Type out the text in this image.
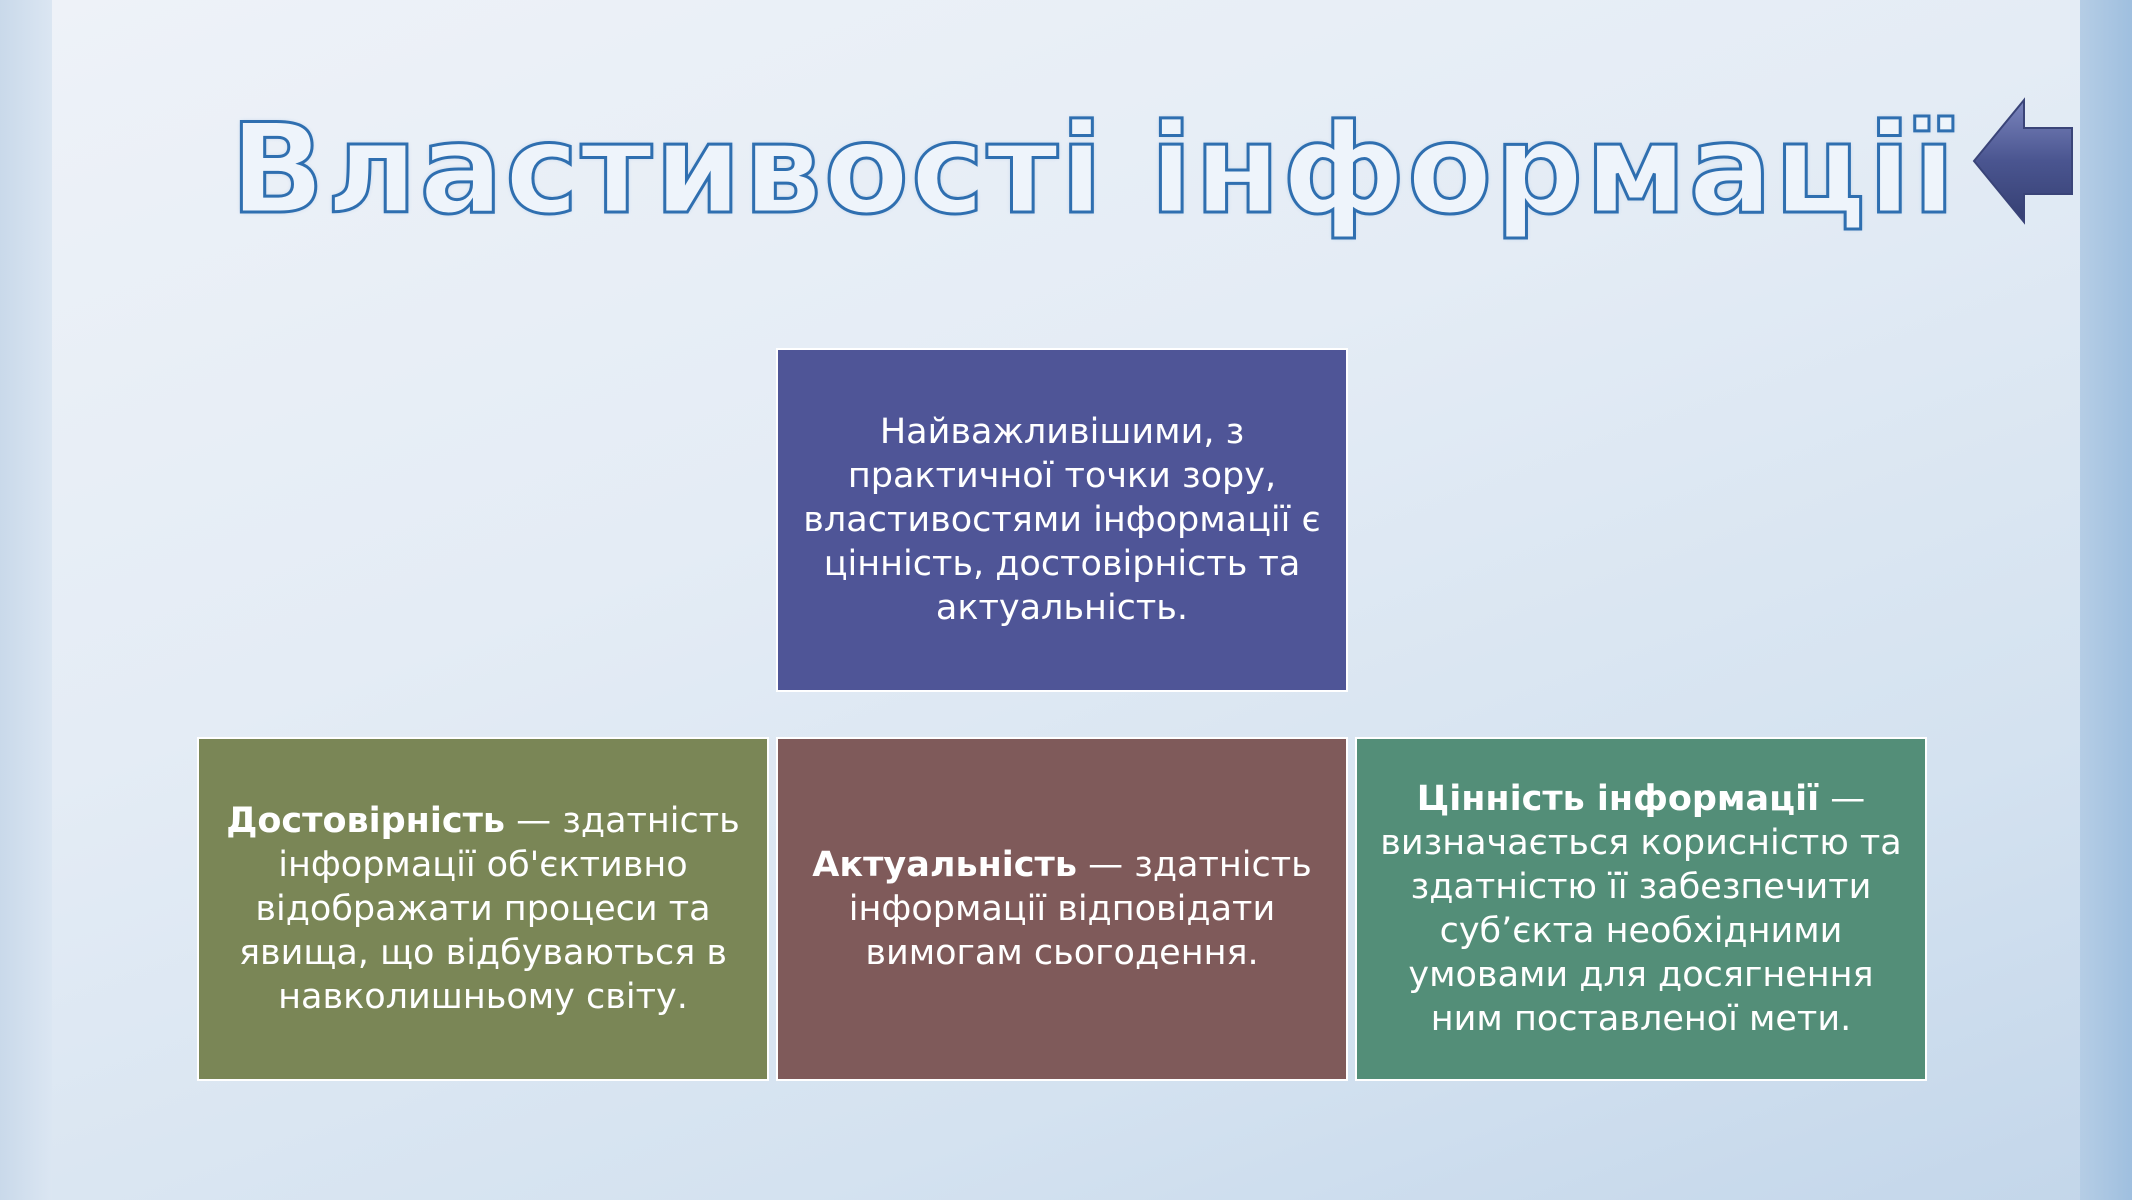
Властивості інформації

Найважливішими, з практичної точки зору, властивостями інформації є цінність, достовірність та актуальність.

Достовірність — здатність інформації об'єктивно відображати процеси та явища, що відбуваються в навколишньому світу.

Актуальність — здатність інформації відповідати вимогам сьогодення.

Цінність інформації — визначається корисністю та здатністю її забезпечити суб’єкта необхідними умовами для досягнення ним поставленої мети.
